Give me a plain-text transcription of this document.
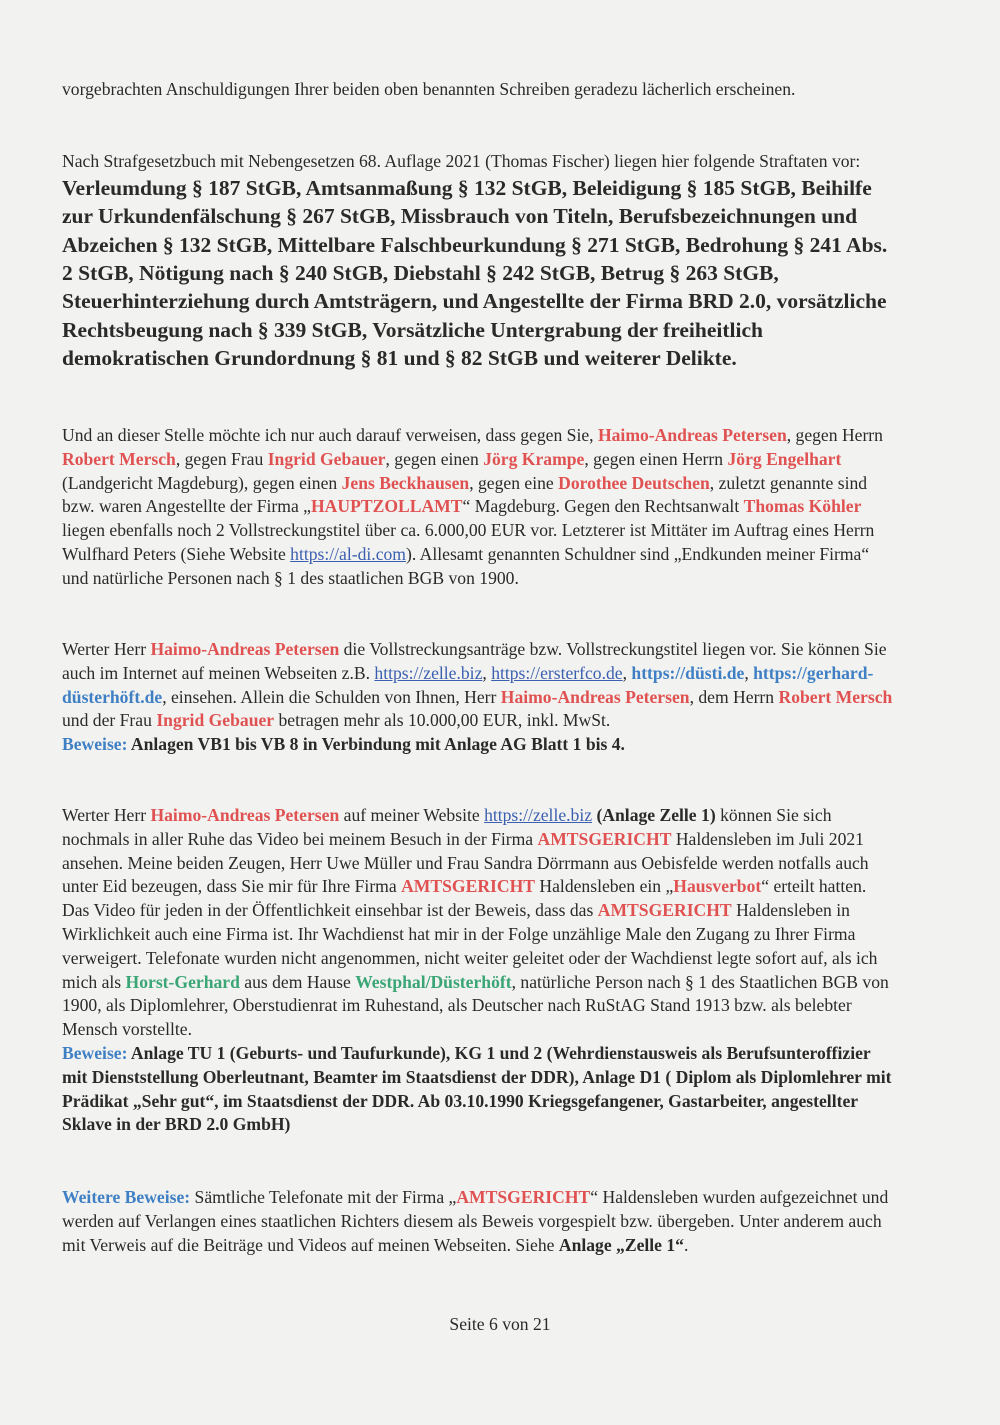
vorgebrachten Anschuldigungen Ihrer beiden oben benannten Schreiben geradezu lächerlich erscheinen.

Nach Strafgesetzbuch mit Nebengesetzen 68. Auflage 2021 (Thomas Fischer) liegen hier folgende Straftaten vor: Verleumdung § 187 StGB, Amtsanmaßung § 132 StGB, Beleidigung § 185 StGB, Beihilfe zur Urkundenfälschung § 267 StGB, Missbrauch von Titeln, Berufsbezeichnungen und Abzeichen § 132 StGB, Mittelbare Falschbeurkundung § 271 StGB, Bedrohung § 241 Abs. 2 StGB, Nötigung nach § 240 StGB, Diebstahl § 242 StGB, Betrug § 263 StGB, Steuerhinterziehung durch Amtsträgern, und Angestellte der Firma BRD 2.0, vorsätzliche Rechtsbeugung nach § 339 StGB, Vorsätzliche Untergrabung der freiheitlich demokratischen Grundordnung § 81 und § 82 StGB und weiterer Delikte.

Und an dieser Stelle möchte ich nur auch darauf verweisen, dass gegen Sie, Haimo-Andreas Petersen, gegen Herrn Robert Mersch, gegen Frau Ingrid Gebauer, gegen einen Jörg Krampe, gegen einen Herrn Jörg Engelhart (Landgericht Magdeburg), gegen einen Jens Beckhausen, gegen eine Dorothee Deutschen, zuletzt genannte sind bzw. waren Angestellte der Firma „HAUPTZOLLAMT“ Magdeburg. Gegen den Rechtsanwalt Thomas Köhler liegen ebenfalls noch 2 Vollstreckungstitel über ca. 6.000,00 EUR vor. Letzterer ist Mittäter im Auftrag eines Herrn Wulfhard Peters (Siehe Website https://al-di.com). Allesamt genannten Schuldner sind „Endkunden meiner Firma“ und natürliche Personen nach § 1 des staatlichen BGB von 1900.

Werter Herr Haimo-Andreas Petersen die Vollstreckungsanträge bzw. Vollstreckungstitel liegen vor. Sie können Sie auch im Internet auf meinen Webseiten z.B. https://zelle.biz, https://ersterfco.de, https://düsti.de, https://gerhard-düsterhöft.de, einsehen. Allein die Schulden von Ihnen, Herr Haimo-Andreas Petersen, dem Herrn Robert Mersch und der Frau Ingrid Gebauer betragen mehr als 10.000,00 EUR, inkl. MwSt.
Beweise: Anlagen VB1 bis VB 8 in Verbindung mit Anlage AG Blatt 1 bis 4.

Werter Herr Haimo-Andreas Petersen auf meiner Website https://zelle.biz (Anlage Zelle 1) können Sie sich nochmals in aller Ruhe das Video bei meinem Besuch in der Firma AMTSGERICHT Haldensleben im Juli 2021 ansehen. Meine beiden Zeugen, Herr Uwe Müller und Frau Sandra Dörrmann aus Oebisfelde werden notfalls auch unter Eid bezeugen, dass Sie mir für Ihre Firma AMTSGERICHT Haldensleben ein „Hausverbot“ erteilt hatten. Das Video für jeden in der Öffentlichkeit einsehbar ist der Beweis, dass das AMTSGERICHT Haldensleben in Wirklichkeit auch eine Firma ist. Ihr Wachdienst hat mir in der Folge unzählige Male den Zugang zu Ihrer Firma verweigert. Telefonate wurden nicht angenommen, nicht weiter geleitet oder der Wachdienst legte sofort auf, als ich mich als Horst-Gerhard aus dem Hause Westphal/Düsterhöft, natürliche Person nach § 1 des Staatlichen BGB von 1900, als Diplomlehrer, Oberstudienrat im Ruhestand, als Deutscher nach RuStAG Stand 1913 bzw. als belebter Mensch vorstellte.
Beweise: Anlage TU 1 (Geburts- und Taufurkunde), KG 1 und 2 (Wehrdienstausweis als Berufsunteroffizier mit Dienststellung Oberleutnant, Beamter im Staatsdienst der DDR), Anlage D1 ( Diplom als Diplomlehrer mit Prädikat „Sehr gut“, im Staatsdienst der DDR. Ab 03.10.1990 Kriegsgefangener, Gastarbeiter, angestellter Sklave in der BRD 2.0 GmbH)

Weitere Beweise: Sämtliche Telefonate mit der Firma „AMTSGERICHT“ Haldensleben wurden aufgezeichnet und werden auf Verlangen eines staatlichen Richters diesem als Beweis vorgespielt bzw. übergeben. Unter anderem auch mit Verweis auf die Beiträge und Videos auf meinen Webseiten. Siehe Anlage „Zelle 1“.

Seite 6 von 21
